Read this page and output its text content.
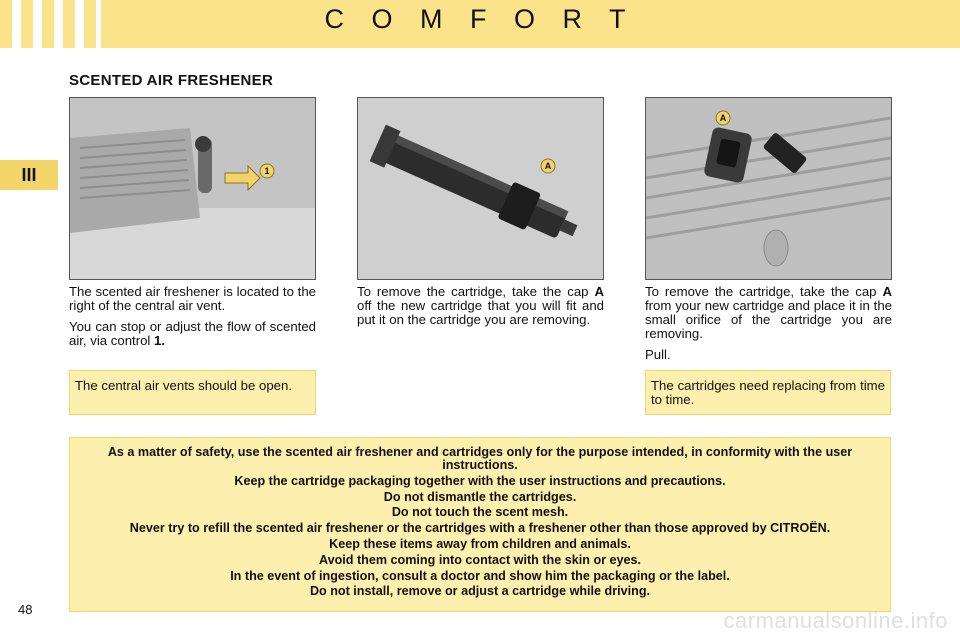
C O M F O R T
III
SCENTED AIR FRESHENER
1	A
A

The scented air freshener is located to the right of the central air vent.

You can stop or adjust the flow of scented air, via control 1.

To remove the cartridge, take the cap A off the new cartridge that you will fit and put it on the cartridge you are removing.

To remove the cartridge, take the cap A from your new cartridge and place it in the small orifice of the cartridge you are removing.

Pull.

The central air vents should be open.	The cartridges need replacing from time to time.
As a matter of safety, use the scented air freshener and cartridges only for the purpose intended, in conformity with the user instructions.
Keep the cartridge packaging together with the user instructions and precautions.
Do not dismantle the cartridges.
Do not touch the scent mesh.
Never try to refill the scented air freshener or the cartridges with a freshener other than those approved by CITROËN.
Keep these items away from children and animals.
Avoid them coming into contact with the skin or eyes.
In the event of ingestion, consult a doctor and show him the packaging or the label.
Do not install, remove or adjust a cartridge while driving.
48	carmanualsonline.info
